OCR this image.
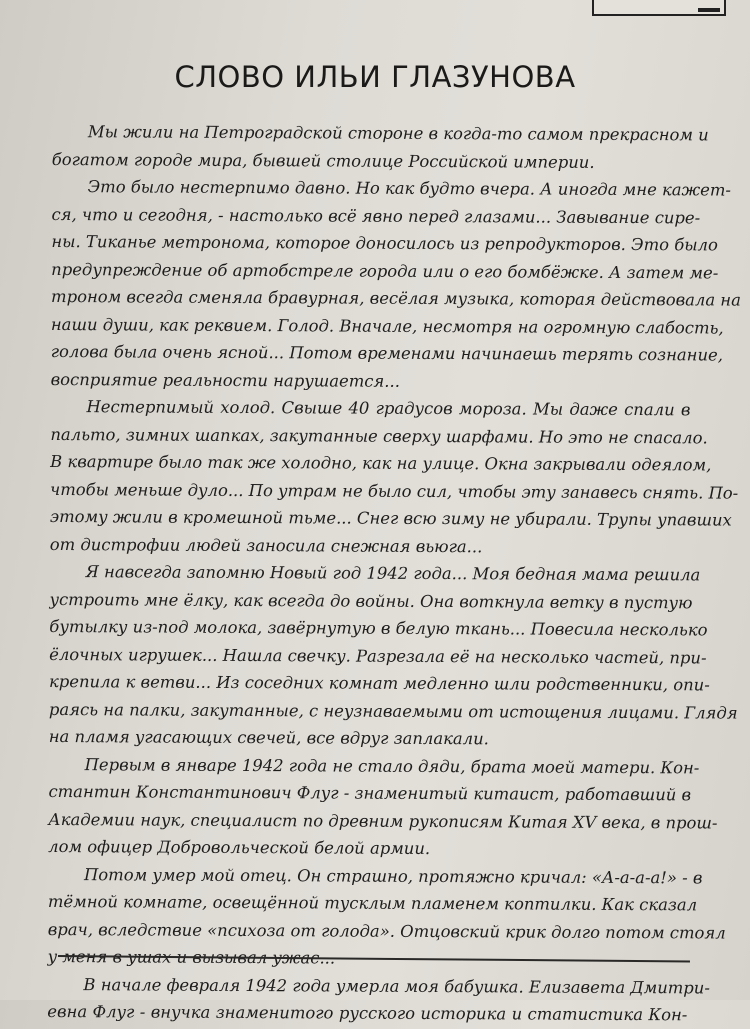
СЛОВО ИЛЬИ ГЛАЗУНОВА
Мы жили на Петроградской стороне в когда-то самом прекрасном и
богатом городе мира, бывшей столице Российской империи.
Это было нестерпимо давно. Но как будто вчера. А иногда мне кажет-
ся, что и сегодня, - настолько всё явно перед глазами... Завывание сире-
ны. Тиканье метронома, которое доносилось из репродукторов. Это было
предупреждение об артобстреле города или о его бомбёжке. А затем ме-
троном всегда сменяла бравурная, весёлая музыка, которая действовала на
наши души, как реквием. Голод. Вначале, несмотря на огромную слабость,
голова была очень ясной... Потом временами начинаешь терять сознание,
восприятие реальности нарушается...
Нестерпимый холод. Свыше 40 градусов мороза. Мы даже спали в
пальто, зимних шапках, закутанные сверху шарфами. Но это не спасало.
В квартире было так же холодно, как на улице. Окна закрывали одеялом,
чтобы меньше дуло... По утрам не было сил, чтобы эту занавесь снять. По-
этому жили в кромешной тьме... Снег всю зиму не убирали. Трупы упавших
от дистрофии людей заносила снежная вьюга...
Я навсегда запомню Новый год 1942 года... Моя бедная мама решила
устроить мне ёлку, как всегда до войны. Она воткнула ветку в пустую
бутылку из-под молока, завёрнутую в белую ткань... Повесила несколько
ёлочных игрушек... Нашла свечку. Разрезала её на несколько частей, при-
крепила к ветви... Из соседних комнат медленно шли родственники, опи-
раясь на палки, закутанные, с неузнаваемыми от истощения лицами. Глядя
на пламя угасающих свечей, все вдруг заплакали.
Первым в январе 1942 года не стало дяди, брата моей матери. Кон-
стантин Константинович Флуг - знаменитый китаист, работавший в
Академии наук, специалист по древним рукописям Китая XV века, в прош-
лом офицер Добровольческой белой армии.
Потом умер мой отец. Он страшно, протяжно кричал: «А-а-а-а!» - в
тёмной комнате, освещённой тусклым пламенем коптилки. Как сказал
врач, вследствие «психоза от голода». Отцовский крик долго потом стоял
у меня в ушах и вызывал ужас...
В начале февраля 1942 года умерла моя бабушка. Елизавета Дмитри-
евна Флуг - внучка знаменитого русского историка и статистика Кон-
